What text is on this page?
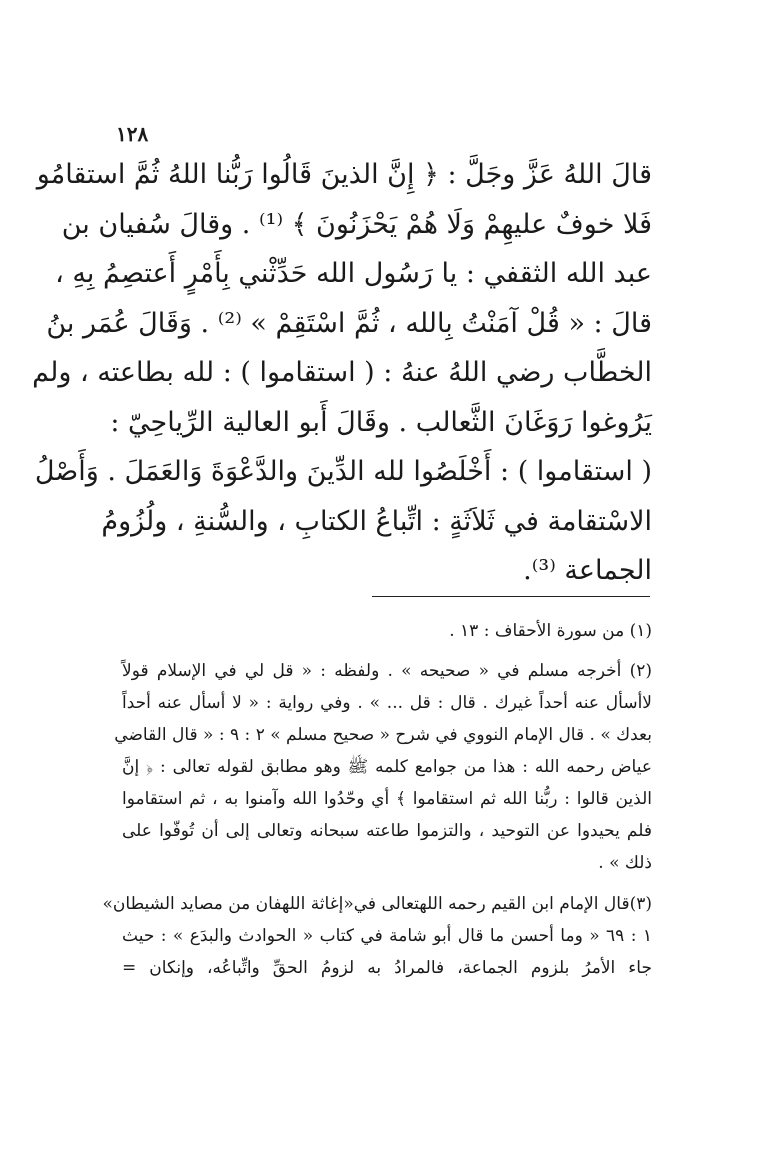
١٢٨
قالَ اللهُ عَزَّ وجَلَّ : ﴿ إِنَّ الذينَ قَالُوا رَبُّنا اللهُ ثُمَّ استقامُو
فَلا خوفٌ عليهِمْ وَلَا هُمْ يَحْزَنُونَ ﴾ ⁽¹⁾ . وقالَ سُفيان بن
عبد الله الثقفي : يا رَسُول الله حَدِّثْني بِأَمْرٍ أَعتصِمُ بِهِ ،
قالَ : « قُلْ آمَنْتُ بِالله ، ثُمَّ اسْتَقِمْ » ⁽²⁾ . وَقَالَ عُمَر بنُ
الخطَّاب رضي اللهُ عنهُ : ( استقاموا ) : لله بطاعته ، ولم
يَرُوغوا رَوَغَانَ الثَّعالب . وقَالَ أَبو العالية الرِّياحِيّ :
( استقاموا ) : أَخْلَصُوا لله الدِّينَ والدَّعْوَةَ وَالعَمَلَ . وَأَصْلُ
الاسْتقامة في ثَلاَثَةٍ : اتِّباعُ الكتابِ ، والسُّنةِ ، ولُزُومُ
الجماعة ⁽³⁾.
(١) من سورة الأحقاف : ١٣ .
(٢) أخرجه مسلم في « صحيحه » . ولفظه : « قل لي في الإسلام قولاً
لاأسأل عنه أحداً غيرك . قال : قل ... » . وفي رواية : « لا أسأل عنه أحداً
بعدك » . قال الإمام النووي في شرح « صحيح مسلم » ٢ : ٩ : « قال القاضي
عياض رحمه الله : هذا من جوامع كلمه ﷺ وهو مطابق لقوله تعالى : ﴿ إنَّ
الذين قالوا : ربُّنا الله ثم استقاموا ﴾ أي وحّدُوا الله وآمنوا به ، ثم استقاموا
فلم يحيدوا عن التوحيد ، والتزموا طاعته سبحانه وتعالى إلى أن تُوفّوا على
ذلك » .
(٣)قال الإمام ابن القيم رحمه اللهتعالى في«إغاثة اللهفان من مصايد الشيطان»
١ : ٦٩ « وما أحسن ما قال أبو شامة في كتاب « الحوادث والبدَع » : حيث
جاء الأمرُ بلزوم الجماعة، فالمرادُ به لزومُ الحقِّ واتِّباعُه، وإنكان =
